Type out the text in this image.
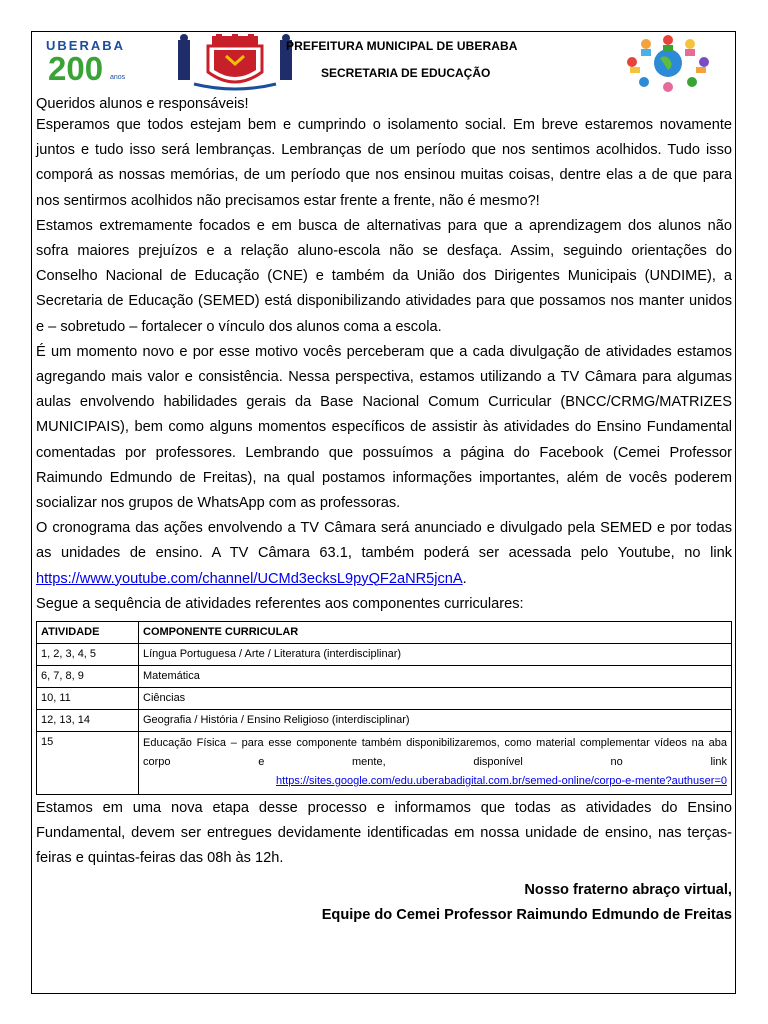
UBERABA
200 anos
PREFEITURA MUNICIPAL DE UBERABA
SECRETARIA DE EDUCAÇÃO

Queridos alunos e responsáveis!

Esperamos que todos estejam bem e cumprindo o isolamento social. Em breve estaremos novamente juntos e tudo isso será lembranças. Lembranças de um período que nos sentimos acolhidos. Tudo isso comporá as nossas memórias, de um período que nos ensinou muitas coisas, dentre elas a de que para nos sentirmos acolhidos não precisamos estar frente a frente, não é mesmo?!

Estamos extremamente focados e em busca de alternativas para que a aprendizagem dos alunos não sofra maiores prejuízos e a relação aluno-escola não se desfaça. Assim, seguindo orientações do Conselho Nacional de Educação (CNE) e também da União dos Dirigentes Municipais (UNDIME), a Secretaria de Educação (SEMED) está disponibilizando atividades para que possamos nos manter unidos e – sobretudo – fortalecer o vínculo dos alunos coma a escola.

É um momento novo e por esse motivo vocês perceberam que a cada divulgação de atividades estamos agregando mais valor e consistência. Nessa perspectiva, estamos utilizando a TV Câmara para algumas aulas envolvendo habilidades gerais da Base Nacional Comum Curricular (BNCC/CRMG/MATRIZES MUNICIPAIS), bem como alguns momentos específicos de assistir às atividades do Ensino Fundamental comentadas por professores. Lembrando que possuímos a página do Facebook (Cemei Professor Raimundo Edmundo de Freitas), na qual postamos informações importantes, além de vocês poderem socializar nos grupos de WhatsApp com as professoras.

O cronograma das ações envolvendo a TV Câmara será anunciado e divulgado pela SEMED e por todas as unidades de ensino. A TV Câmara 63.1, também poderá ser acessada pelo Youtube, no link https://www.youtube.com/channel/UCMd3ecksL9pyQF2aNR5jcnA.

Segue a sequência de atividades referentes aos componentes curriculares:

ATIVIDADE	COMPONENTE CURRICULAR
1, 2, 3, 4, 5	Língua Portuguesa / Arte / Literatura (interdisciplinar)
6, 7, 8, 9	Matemática
10, 11	Ciências
12, 13, 14	Geografia / História / Ensino Religioso (interdisciplinar)
15	Educação Física – para esse componente também disponibilizaremos, como material complementar vídeos na aba corpo e mente, disponível no link
https://sites.google.com/edu.uberabadigital.com.br/semed-online/corpo-e-mente?authuser=0

Estamos em uma nova etapa desse processo e informamos que todas as atividades do Ensino Fundamental, devem ser entregues devidamente identificadas em nossa unidade de ensino, nas terças-feiras e quintas-feiras das 08h às 12h.

Nosso fraterno abraço virtual,

Equipe do Cemei Professor Raimundo Edmundo de Freitas
